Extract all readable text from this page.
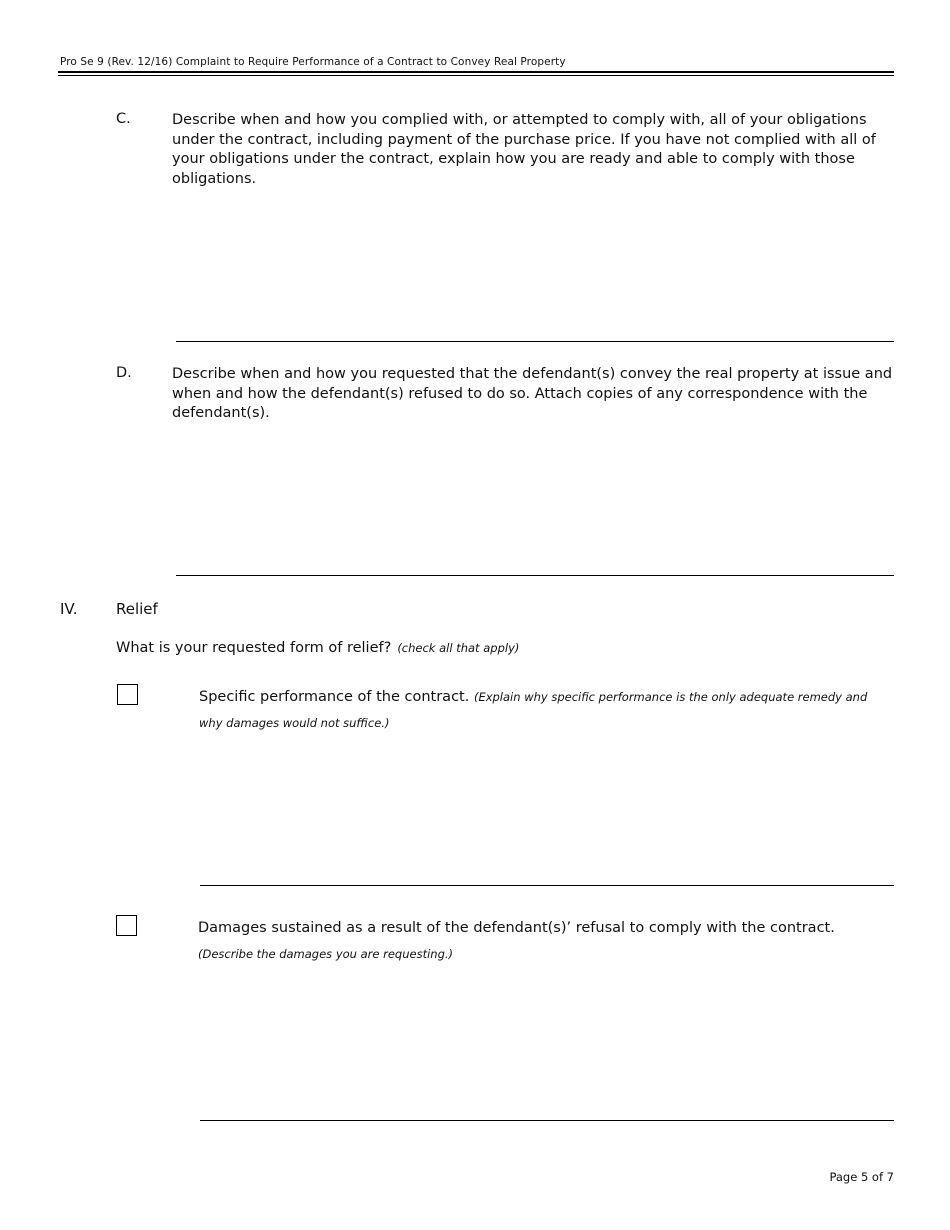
Pro Se 9 (Rev. 12/16) Complaint to Require Performance of a Contract to Convey Real Property
C.	Describe when and how you complied with, or attempted to comply with, all of your obligations under the contract, including payment of the purchase price. If you have not complied with all of your obligations under the contract, explain how you are ready and able to comply with those obligations.
D.	Describe when and how you requested that the defendant(s) convey the real property at issue and when and how the defendant(s) refused to do so. Attach copies of any correspondence with the defendant(s).
IV.	Relief
What is your requested form of relief? (check all that apply)
Specific performance of the contract. (Explain why specific performance is the only adequate remedy and why damages would not suffice.)
Damages sustained as a result of the defendant(s)’ refusal to comply with the contract. (Describe the damages you are requesting.)
Page 5 of 7
